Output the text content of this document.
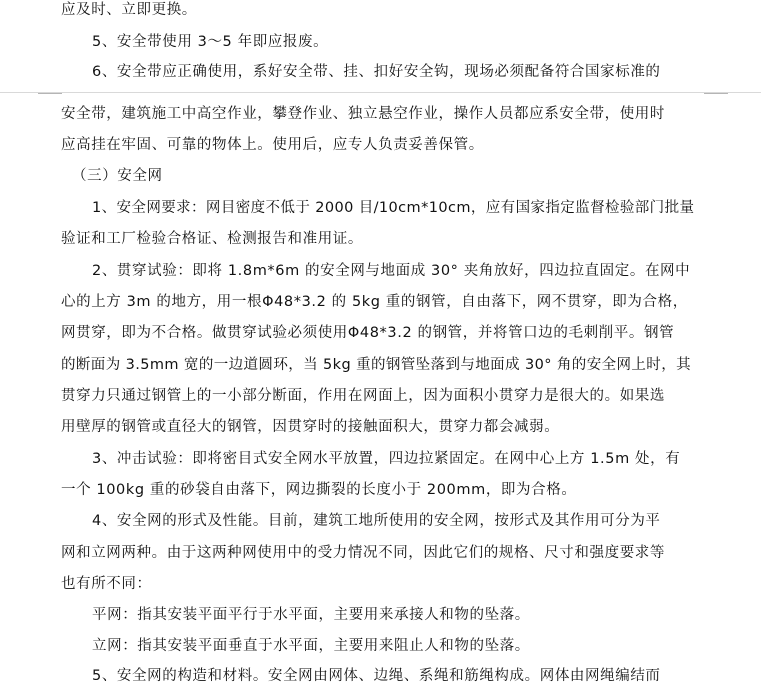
应及时、立即更换。
5、安全带使用 3～5 年即应报废。
6、安全带应正确使用，系好安全带、挂、扣好安全钩，现场必须配备符合国家标准的
安全带，建筑施工中高空作业，攀登作业、独立悬空作业，操作人员都应系安全带，使用时
应高挂在牢固、可靠的物体上。使用后，应专人负责妥善保管。
（三）安全网
1、安全网要求：网目密度不低于 2000 目/10cm*10cm，应有国家指定监督检验部门批量
验证和工厂检验合格证、检测报告和准用证。
2、贯穿试验：即将 1.8m*6m 的安全网与地面成 30° 夹角放好，四边拉直固定。在网中
心的上方 3m 的地方，用一根Φ48*3.2 的 5kg 重的钢管，自由落下，网不贯穿，即为合格，
网贯穿，即为不合格。做贯穿试验必须使用Φ48*3.2 的钢管，并将管口边的毛刺削平。钢管
的断面为 3.5mm 宽的一边道圆环，当 5kg 重的钢管坠落到与地面成 30° 角的安全网上时，其
贯穿力只通过钢管上的一小部分断面，作用在网面上，因为面积小贯穿力是很大的。如果选
用壁厚的钢管或直径大的钢管，因贯穿时的接触面积大，贯穿力都会减弱。
3、冲击试验：即将密目式安全网水平放置，四边拉紧固定。在网中心上方 1.5m 处，有
一个 100kg 重的砂袋自由落下，网边撕裂的长度小于 200mm，即为合格。
4、安全网的形式及性能。目前，建筑工地所使用的安全网，按形式及其作用可分为平
网和立网两种。由于这两种网使用中的受力情况不同，因此它们的规格、尺寸和强度要求等
也有所不同：
平网：指其安装平面平行于水平面，主要用来承接人和物的坠落。
立网：指其安装平面垂直于水平面，主要用来阻止人和物的坠落。
5、安全网的构造和材料。安全网由网体、边绳、系绳和筋绳构成。网体由网绳编结而
